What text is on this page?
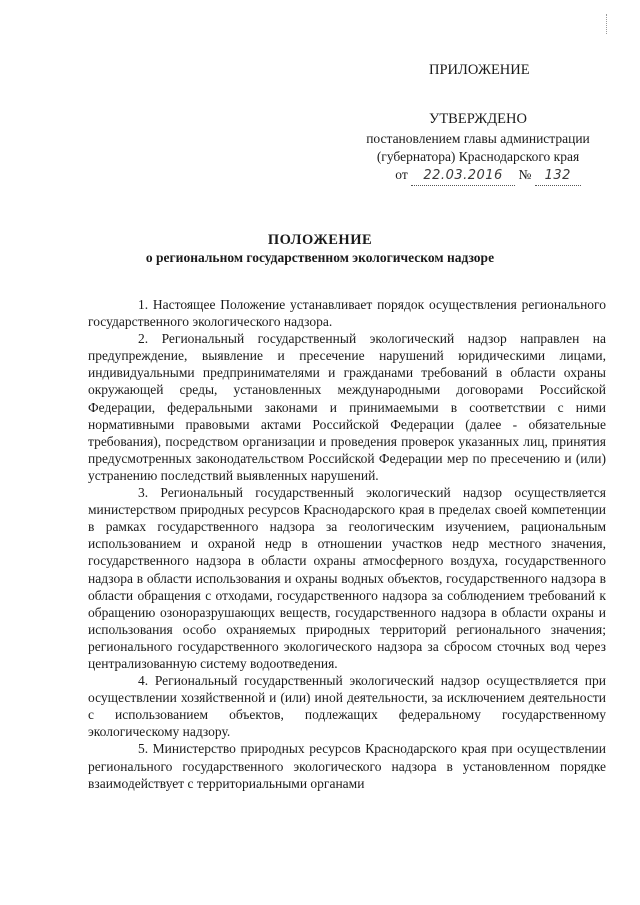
ПРИЛОЖЕНИЕ
УТВЕРЖДЕНО
постановлением главы администрации
(губернатора) Краснодарского края
от 22.03.2016 № 132
ПОЛОЖЕНИЕ
о региональном государственном экологическом надзоре

1. Настоящее Положение устанавливает порядок осуществления регионального государственного экологического надзора.

2. Региональный государственный экологический надзор направлен на предупреждение, выявление и пресечение нарушений юридическими лицами, индивидуальными предпринимателями и гражданами требований в области охраны окружающей среды, установленных международными договорами Российской Федерации, федеральными законами и принимаемыми в соответствии с ними нормативными правовыми актами Российской Федерации (далее - обязательные требования), посредством организации и проведения проверок указанных лиц, принятия предусмотренных законодательством Российской Федерации мер по пресечению и (или) устранению последствий выявленных нарушений.

3. Региональный государственный экологический надзор осуществляется министерством природных ресурсов Краснодарского края в пределах своей компетенции в рамках государственного надзора за геологическим изучением, рациональным использованием и охраной недр в отношении участков недр местного значения, государственного надзора в области охраны атмосферного воздуха, государственного надзора в области использования и охраны водных объектов, государственного надзора в области обращения с отходами, государственного надзора за соблюдением требований к обращению озоноразрушающих веществ, государственного надзора в области охраны и использования особо охраняемых природных территорий регионального значения; регионального государственного экологического надзора за сбросом сточных вод через централизованную систему водоотведения.

4. Региональный государственный экологический надзор осуществляется при осуществлении хозяйственной и (или) иной деятельности, за исключением деятельности с использованием объектов, подлежащих федеральному государственному экологическому надзору.

5. Министерство природных ресурсов Краснодарского края при осуществлении регионального государственного экологического надзора в установленном порядке взаимодействует с территориальными органами
